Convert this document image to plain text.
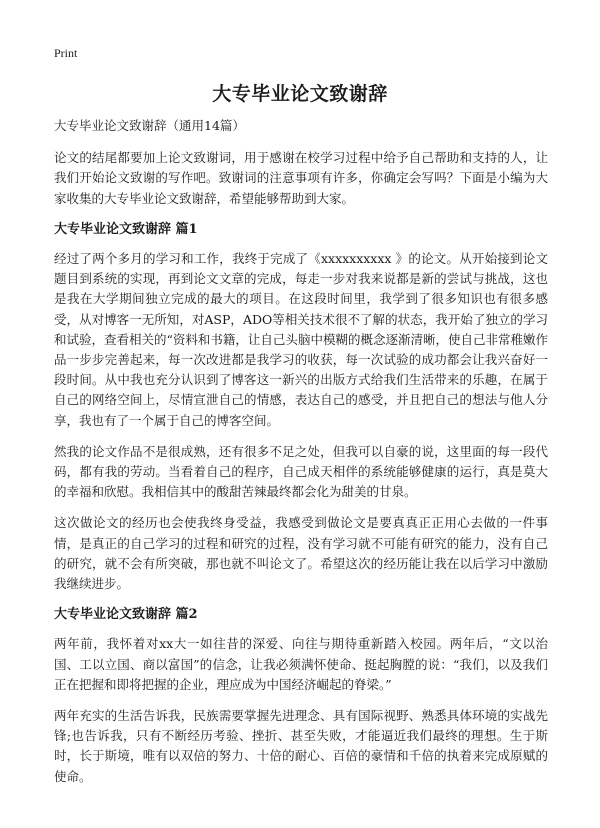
Print
大专毕业论文致谢辞

大专毕业论文致谢辞（通用14篇）

论文的结尾都要加上论文致谢词，用于感谢在校学习过程中给予自己帮助和支持的人，让我们开始论文致谢的写作吧。致谢词的注意事项有许多，你确定会写吗？下面是小编为大家收集的大专毕业论文致谢辞，希望能够帮助到大家。

大专毕业论文致谢辞 篇1

经过了两个多月的学习和工作，我终于完成了《xxxxxxxxxx 》的论文。从开始接到论文题目到系统的实现，再到论文文章的完成，每走一步对我来说都是新的尝试与挑战，这也是我在大学期间独立完成的最大的项目。在这段时间里，我学到了很多知识也有很多感受，从对博客一无所知，对ASP，ADO等相关技术很不了解的状态，我开始了独立的学习和试验，查看相关的“资料和书籍，让自己头脑中模糊的概念逐渐清晰，使自己非常稚嫩作品一步步完善起来，每一次改进都是我学习的收获，每一次试验的成功都会让我兴奋好一段时间。从中我也充分认识到了博客这一新兴的出版方式给我们生活带来的乐趣，在属于自己的网络空间上，尽情宣泄自己的情感，表达自己的感受，并且把自己的想法与他人分享，我也有了一个属于自己的博客空间。

然我的论文作品不是很成熟，还有很多不足之处，但我可以自豪的说，这里面的每一段代码，都有我的劳动。当看着自己的程序，自己成天相伴的系统能够健康的运行，真是莫大的幸福和欣慰。我相信其中的酸甜苦辣最终都会化为甜美的甘泉。

这次做论文的经历也会使我终身受益，我感受到做论文是要真真正正用心去做的一件事情，是真正的自己学习的过程和研究的过程，没有学习就不可能有研究的能力，没有自己的研究，就不会有所突破，那也就不叫论文了。希望这次的经历能让我在以后学习中激励我继续进步。

大专毕业论文致谢辞 篇2

两年前，我怀着对xx大一如往昔的深爱、向往与期待重新踏入校园。两年后，“文以治国、工以立国、商以富国”的信念，让我必须满怀使命、挺起胸膛的说：“我们，以及我们正在把握和即将把握的企业，理应成为中国经济崛起的脊梁。”

两年充实的生活告诉我，民族需要掌握先进理念、具有国际视野、熟悉具体环境的实战先锋;也告诉我，只有不断经历考验、挫折、甚至失败，才能逼近我们最终的理想。生于斯时，长于斯境，唯有以双倍的努力、十倍的耐心、百倍的豪情和千倍的执着来完成原赋的使命。
